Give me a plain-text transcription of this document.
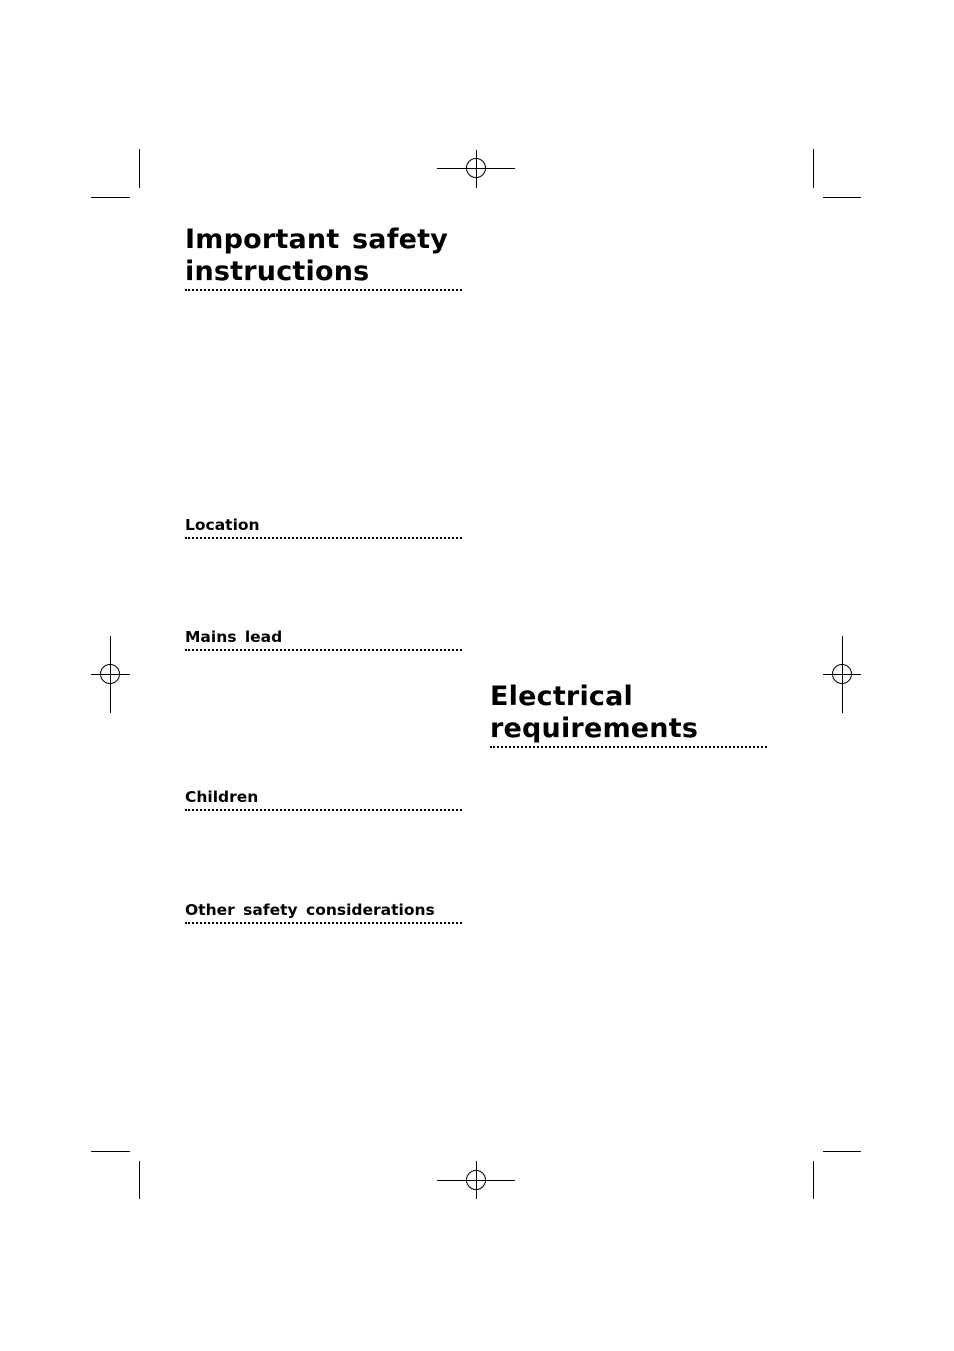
Important safety
instructions
Location
Mains lead
Children
Other safety considerations
Electrical
requirements
